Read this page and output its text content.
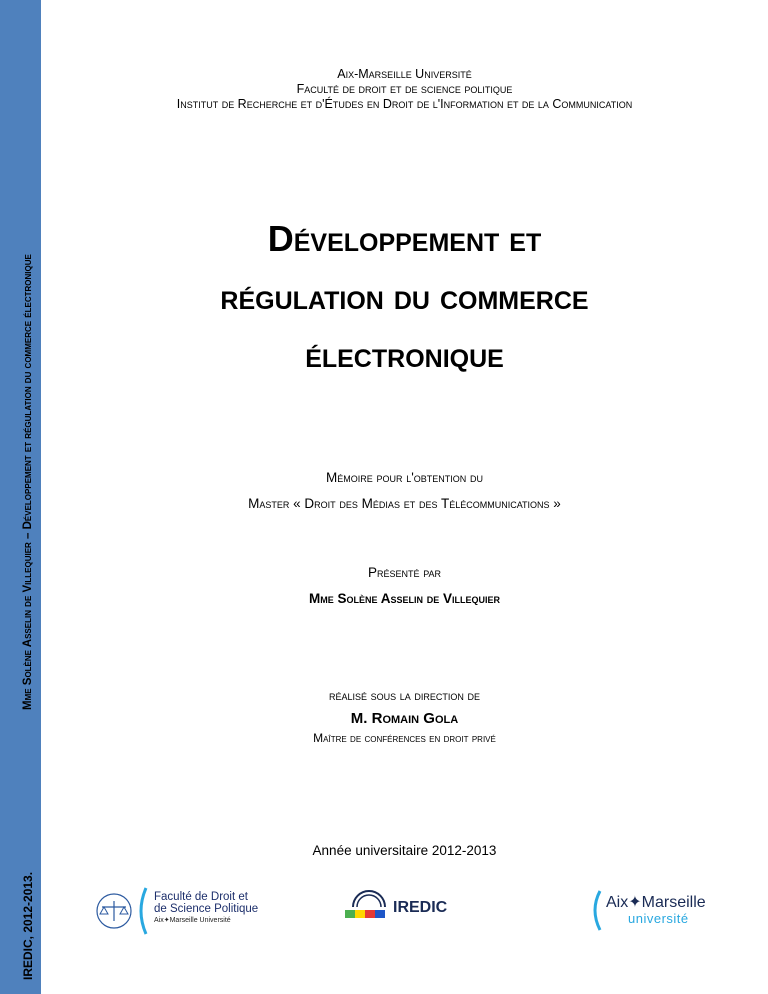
Mme Solène Asselin de Villequier – Développement et régulation du commerce électronique
IREDIC, 2012-2013.
Aix-Marseille Université
Faculté de droit et de science politique
Institut de Recherche et d'Études en Droit de l'Information et de la Communication
Développement et
régulation du commerce
électronique
Mémoire pour l'obtention du
Master « Droit des Médias et des Télécommunications »
Présenté par
Mme Solène Asselin de Villequier
réalisé sous la direction de
M. Romain Gola
Maître de conférences en droit privé
Année universitaire 2012-2013
Faculté de Droit et
de Science Politique
Aix✦Marseille Université
IREDIC	Aix✦Marseille
université
